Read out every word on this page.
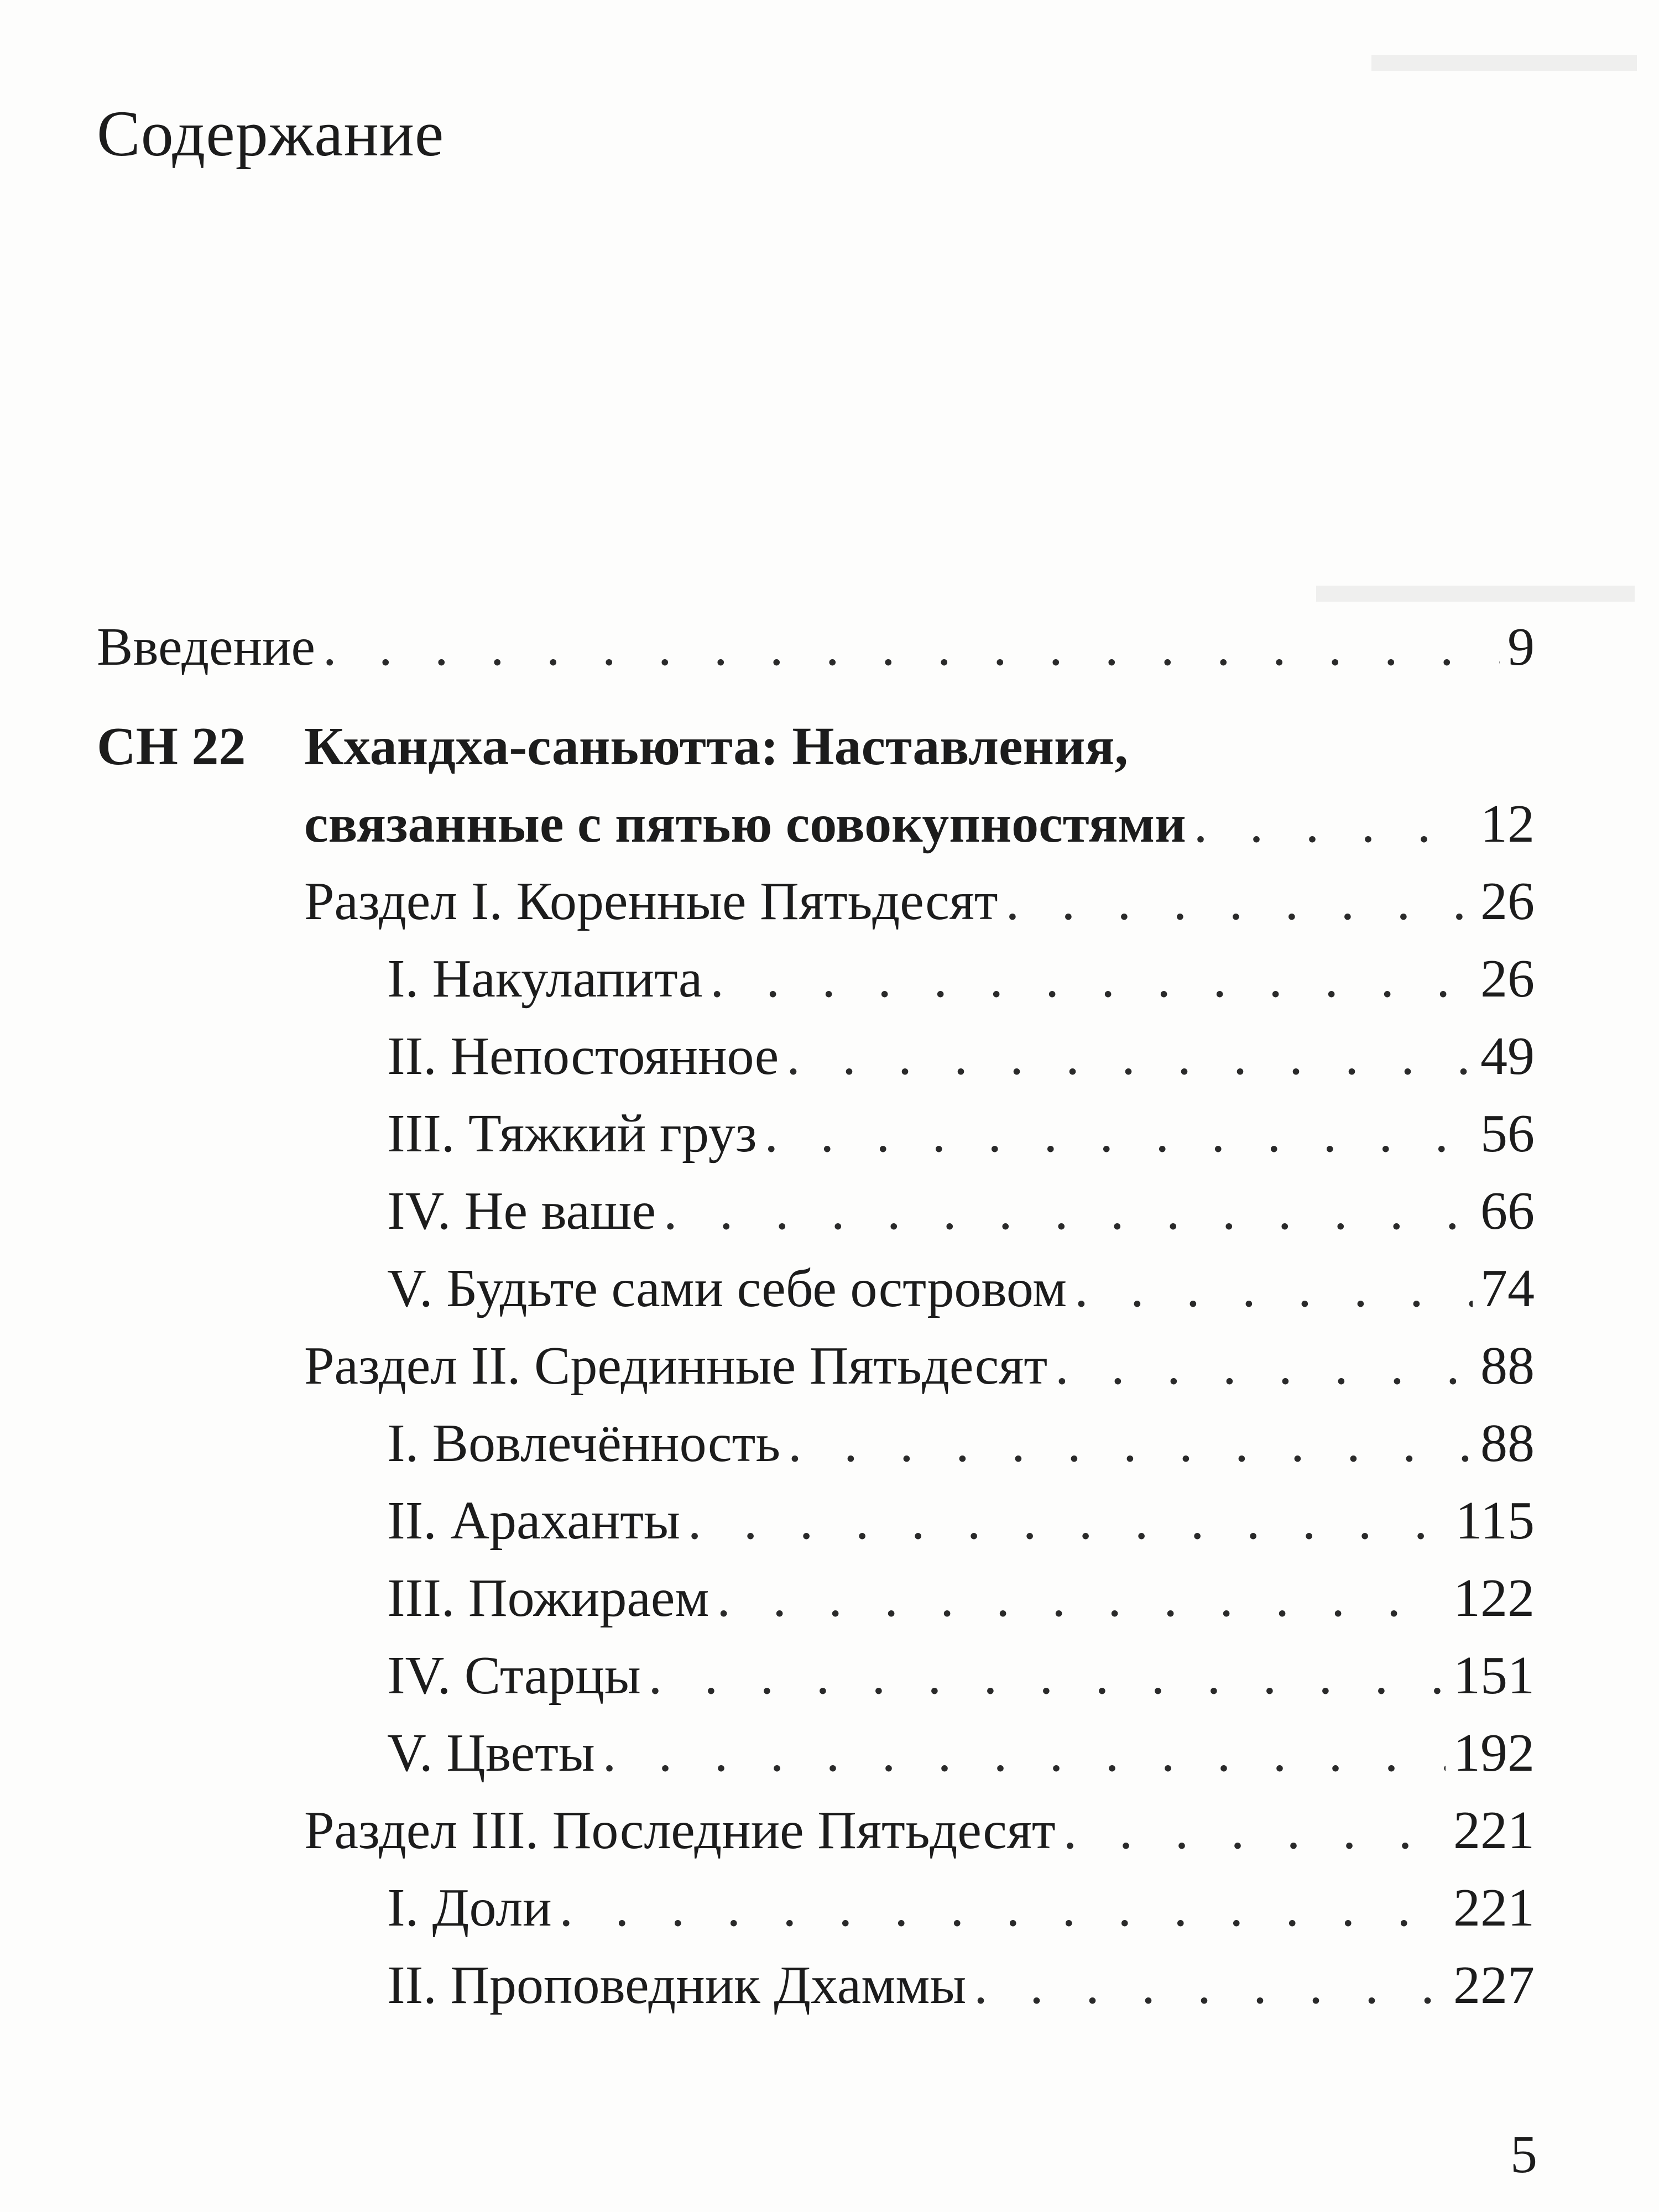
▬▬▬▬▬
▬▬▬▬▬▬
Содержание
Введение . . .	9
СН 22 Кхандха-саньютта: Наставления,
связанные с пятью совокупностями . . .	12
Раздел I. Коренные Пятьдесят . . .	26
I. Накулапита . . .	26
II. Непостоянное . . .	49
III. Тяжкий груз . . .	56
IV. Не ваше . . .	66
V. Будьте сами себе островом . . .	74
Раздел II. Срединные Пятьдесят . . .	88
I. Вовлечённость . . .	88
II. Араханты . . .	115
III. Пожираем . . .	122
IV. Старцы . . .	151
V. Цветы . . .	192
Раздел III. Последние Пятьдесят . . .	221
I. Доли . . .	221
II. Проповедник Дхаммы . . .	227
5
